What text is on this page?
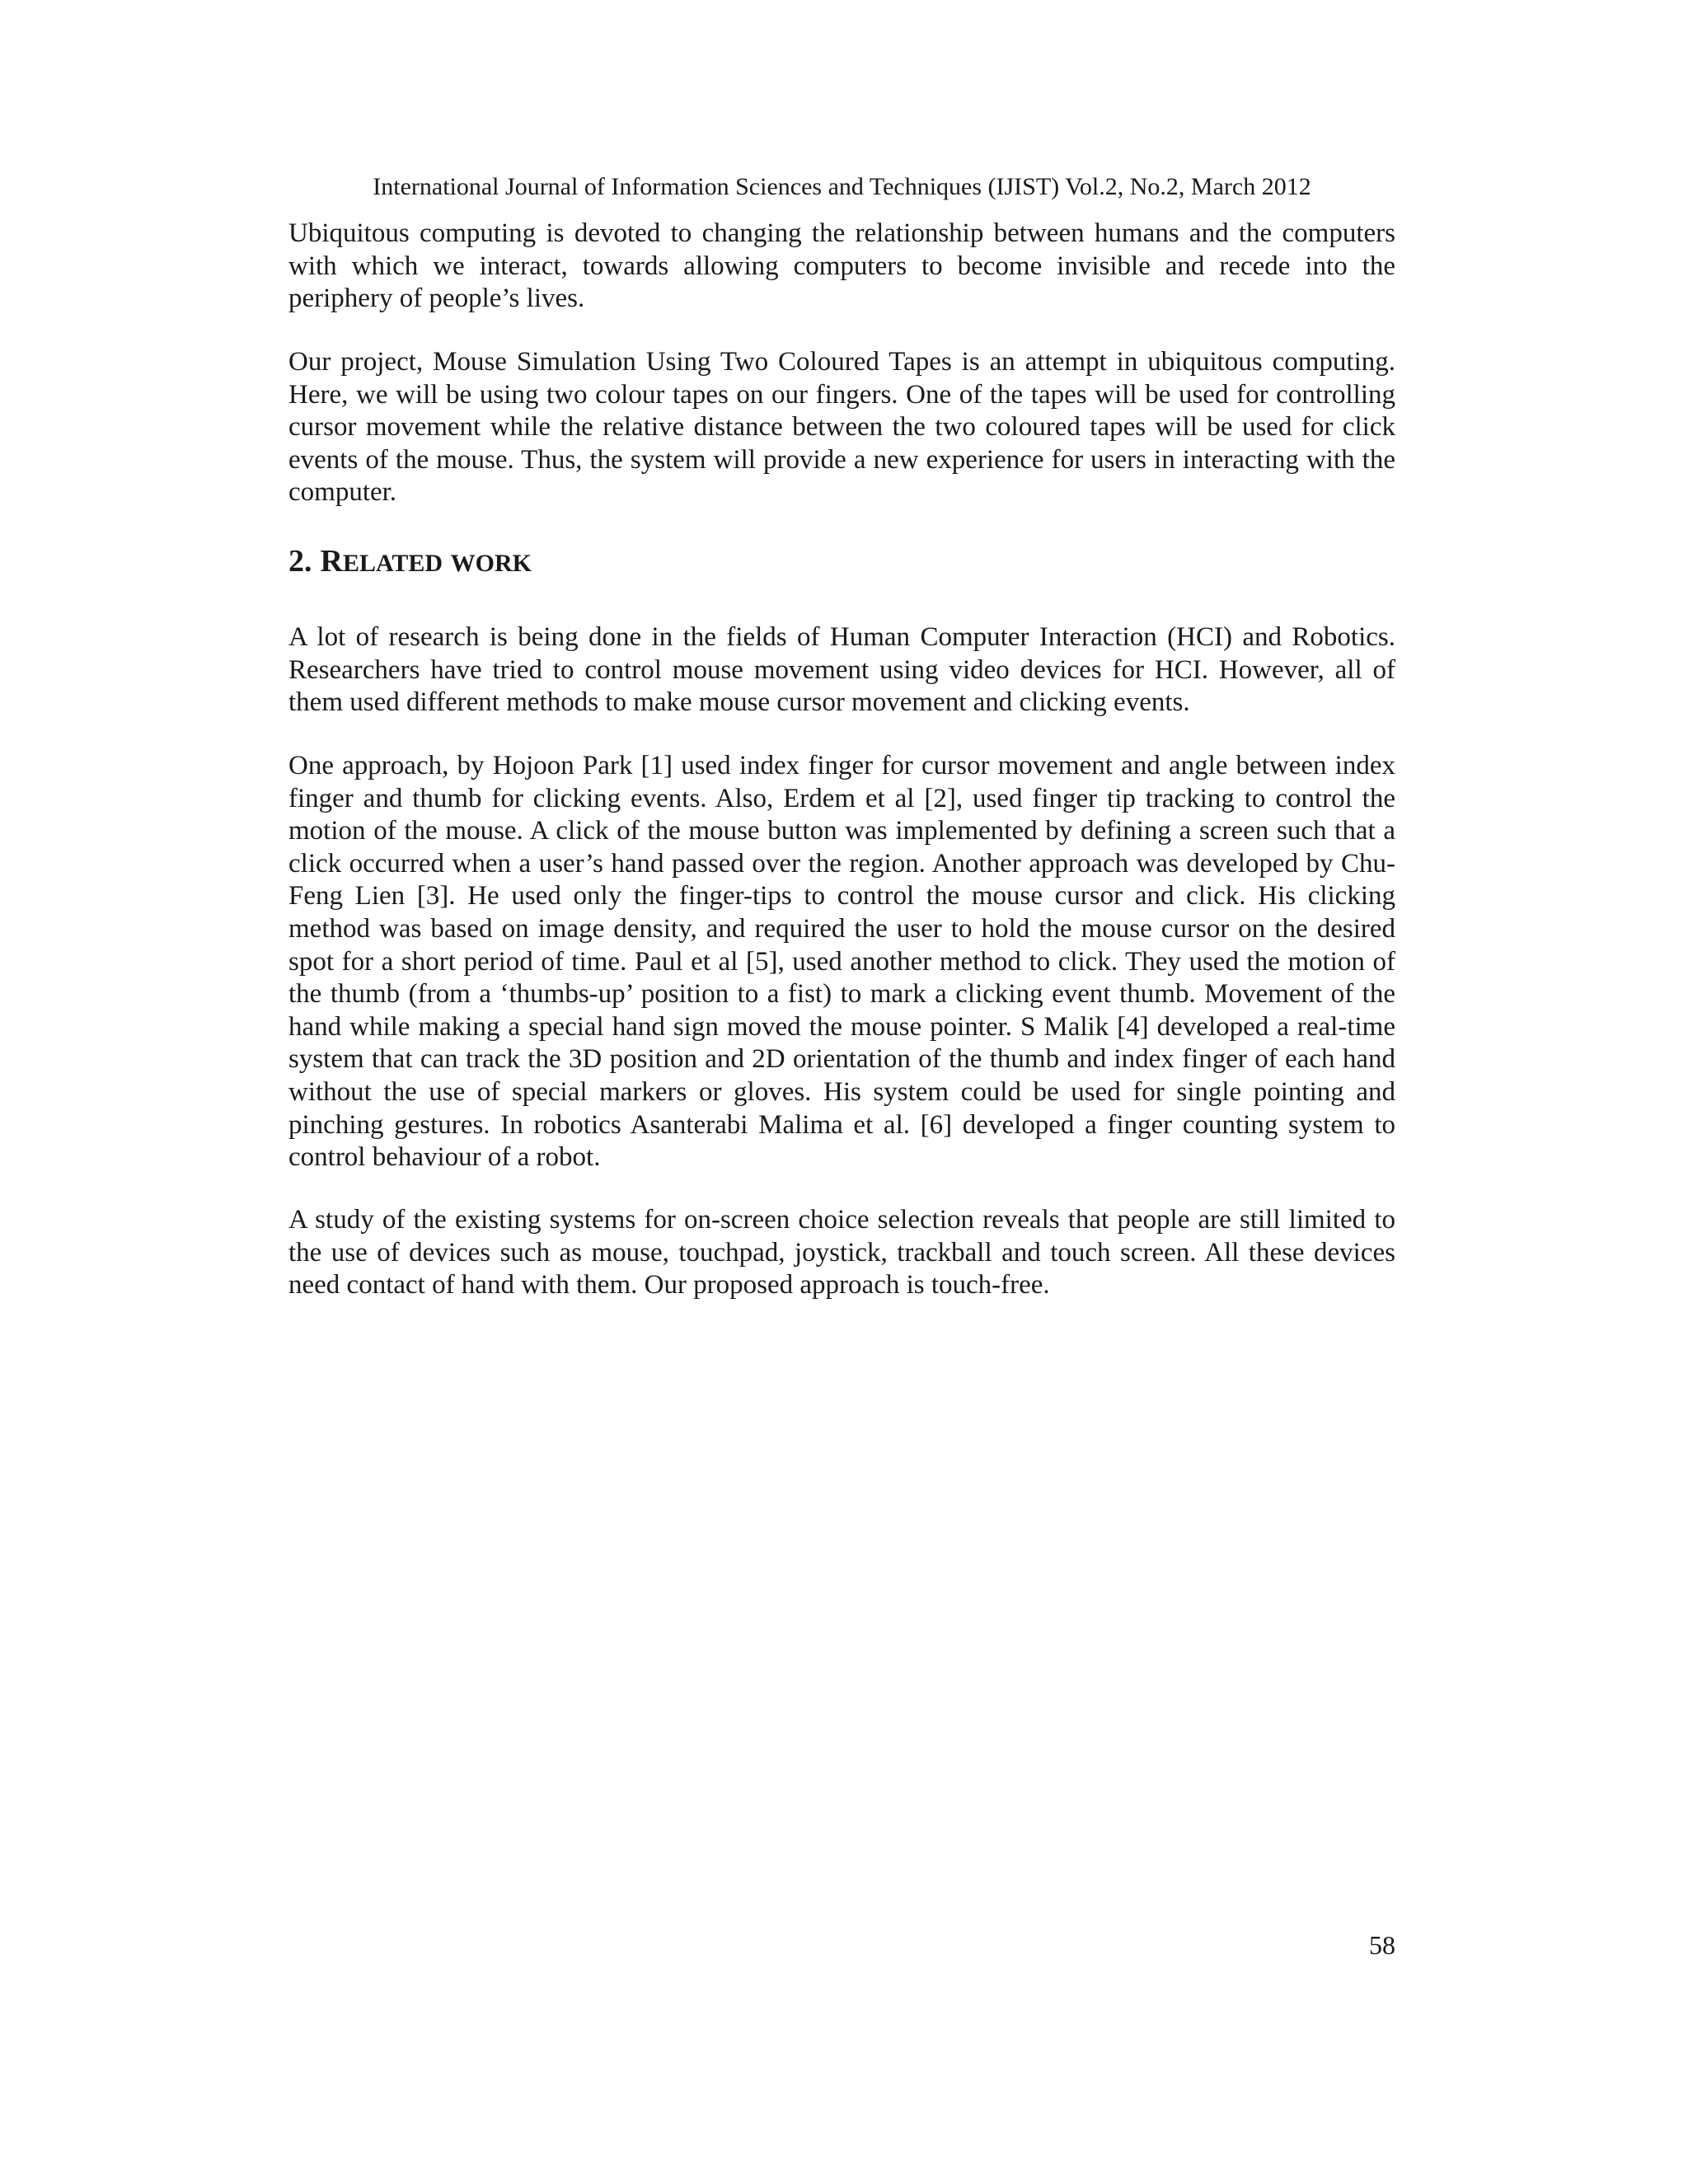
International Journal of Information Sciences and Techniques (IJIST) Vol.2, No.2, March 2012

Ubiquitous computing is devoted to changing the relationship between humans and the computers with which we interact, towards allowing computers to become invisible and recede into the periphery of people’s lives.

Our project, Mouse Simulation Using Two Coloured Tapes is an attempt in ubiquitous computing. Here, we will be using two colour tapes on our fingers. One of the tapes will be used for controlling cursor movement while the relative distance between the two coloured tapes will be used for click events of the mouse. Thus, the system will provide a new experience for users in interacting with the computer.

2. RELATED WORK

A lot of research is being done in the fields of Human Computer Interaction (HCI) and Robotics. Researchers have tried to control mouse movement using video devices for HCI. However, all of them used different methods to make mouse cursor movement and clicking events.

One approach, by Hojoon Park [1] used index finger for cursor movement and angle between index finger and thumb for clicking events. Also, Erdem et al [2], used finger tip tracking to control the motion of the mouse. A click of the mouse button was implemented by defining a screen such that a click occurred when a user’s hand passed over the region. Another approach was developed by Chu-Feng Lien [3]. He used only the finger-tips to control the mouse cursor and click. His clicking method was based on image density, and required the user to hold the mouse cursor on the desired spot for a short period of time. Paul et al [5], used another method to click. They used the motion of the thumb (from a ‘thumbs-up’ position to a fist) to mark a clicking event thumb. Movement of the hand while making a special hand sign moved the mouse pointer. S Malik [4] developed a real-time system that can track the 3D position and 2D orientation of the thumb and index finger of each hand without the use of special markers or gloves. His system could be used for single pointing and pinching gestures. In robotics Asanterabi Malima et al. [6] developed a finger counting system to control behaviour of a robot.

A study of the existing systems for on-screen choice selection reveals that people are still limited to the use of devices such as mouse, touchpad, joystick, trackball and touch screen. All these devices need contact of hand with them. Our proposed approach is touch-free.

58
